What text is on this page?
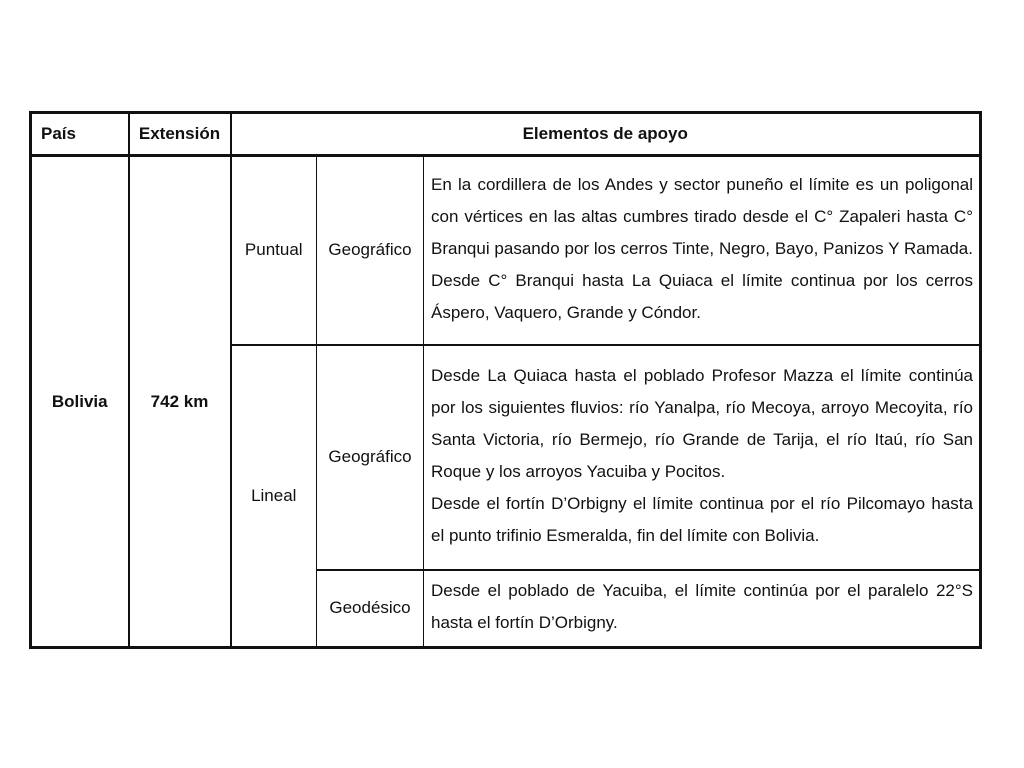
País	Extensión	Elementos de apoyo		
Bolivia	742 km	Puntual	Geográfico	En la cordillera de los Andes y sector puneño el límite es un poligonal con vértices en las altas cumbres tirado desde el C° Zapaleri hasta C° Branqui pasando por los cerros Tinte, Negro, Bayo, Panizos Y Ramada. Desde C° Branqui hasta La Quiaca el límite continua por los cerros Áspero, Vaquero, Grande y Cóndor.

		Lineal	Geográfico	Desde La Quiaca hasta el poblado Profesor Mazza el límite continúa por los siguientes fluvios: río Yanalpa, río Mecoya, arroyo Mecoyita, río Santa Victoria, río Bermejo, río Grande de Tarija, el río Itaú, río San Roque y los arroyos Yacuiba y Pocitos.

Desde el fortín D’Orbigny el límite continua por el río Pilcomayo hasta el punto trifinio Esmeralda, fin del límite con Bolivia.

			Geodésico	Desde el poblado de Yacuiba, el límite continúa por el paralelo 22°S hasta el fortín D’Orbigny.
